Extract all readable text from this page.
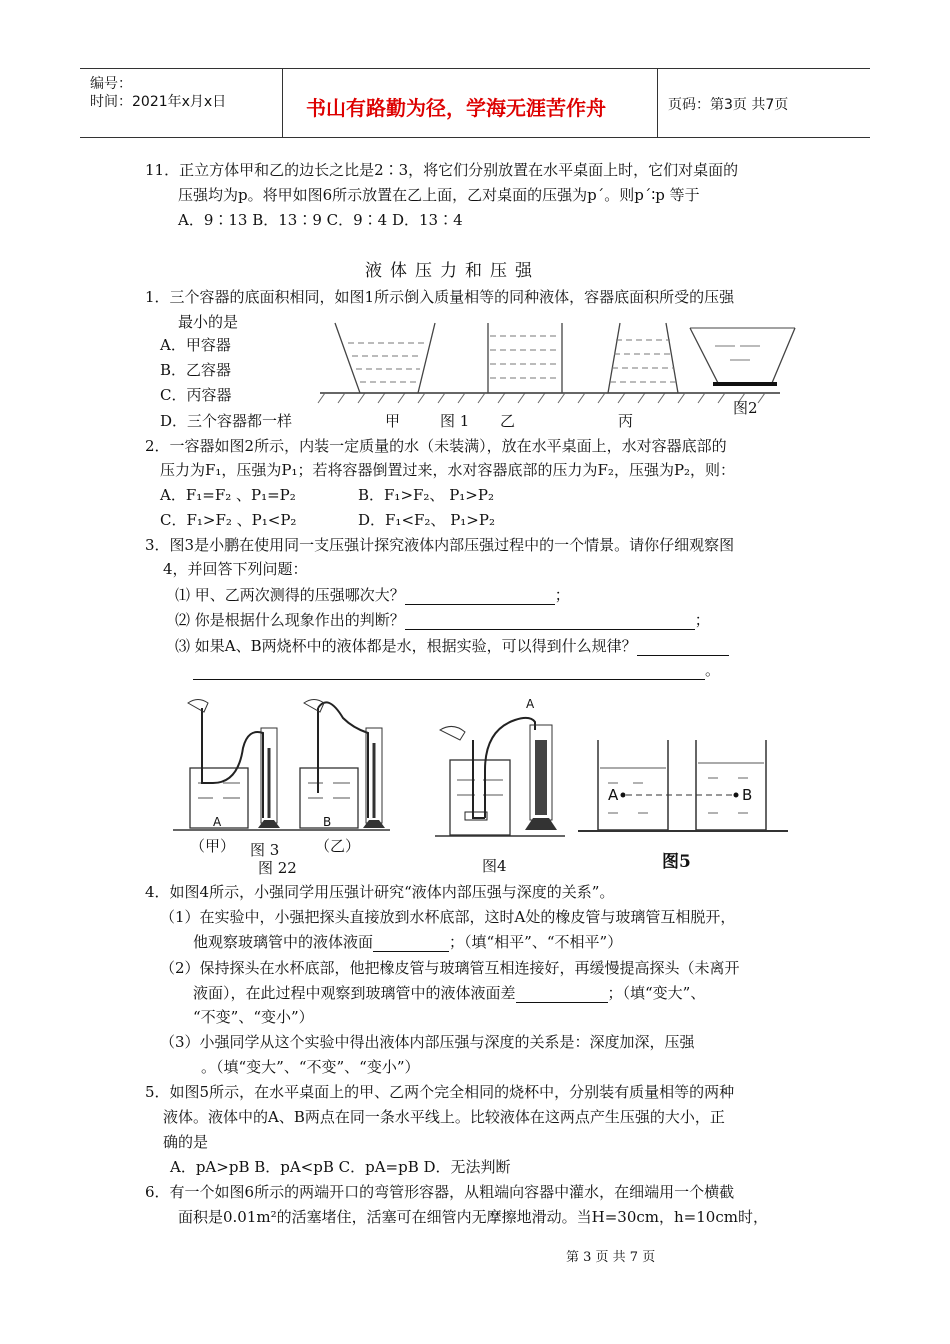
编号：
时间：2021年x月x日	书山有路勤为径，学海无涯苦作舟	页码：第3页 共7页
11．正立方体甲和乙的边长之比是2∶3，将它们分别放置在水平桌面上时，它们对桌面的
压强均为p。将甲如图6所示放置在乙上面，乙对桌面的压强为p´。则p´∶p 等于
A．9∶13 B．13∶9 C．9∶4 D．13∶4
液体压力和压强
1．三个容器的底面积相同，如图1所示倒入质量相等的同种液体，容器底面积所受的压强
最小的是
A．甲容器
B．乙容器
C．丙容器
D．三个容器都一样	甲	图 1 乙	丙
图2
2．一容器如图2所示，内装一定质量的水（未装满），放在水平桌面上，水对容器底部的
压力为F₁，压强为P₁；若将容器倒置过来，水对容器底部的压力为F₂，压强为P₂，则：
A．F₁=F₂ 、P₁=P₂	B．F₁>F₂、 P₁>P₂
C．F₁>F₂ 、P₁<P₂	D．F₁<F₂、 P₁>P₂
3．图3是小鹏在使用同一支压强计探究液体内部压强过程中的一个情景。请你仔细观察图
4，并回答下列问题：
⑴ 甲、乙两次测得的压强哪次大？	；
⑵ 你是根据什么现象作出的判断？	；
⑶ 如果A、B两烧杯中的液体都是水，根据实验，可以得到什么规律？
。
A	B
（甲） 图 3 （乙）
图 22
A
图4
A	B
图5
4．如图4所示，小强同学用压强计研究“液体内部压强与深度的关系”。
（1）在实验中，小强把探头直接放到水杯底部，这时A处的橡皮管与玻璃管互相脱开，
他观察玻璃管中的液体液面	；（填“相平”、“不相平”）
（2）保持探头在水杯底部，他把橡皮管与玻璃管互相连接好，再缓慢提高探头（未离开
液面），在此过程中观察到玻璃管中的液体液面差	；（填“变大”、
“不变”、“变小”）
（3）小强同学从这个实验中得出液体内部压强与深度的关系是：深度加深，压强
。（填“变大”、“不变”、“变小”）
5．如图5所示，在水平桌面上的甲、乙两个完全相同的烧杯中，分别装有质量相等的两种
液体。液体中的A、B两点在同一条水平线上。比较液体在这两点产生压强的大小，正
确的是
A．pA>pB B．pA<pB C．pA=pB D．无法判断
6．有一个如图6所示的两端开口的弯管形容器，从粗端向容器中灌水，在细端用一个横截
面积是0.01m²的活塞堵住，活塞可在细管内无摩擦地滑动。当H=30cm，h=10cm时，
第 3 页 共 7 页
